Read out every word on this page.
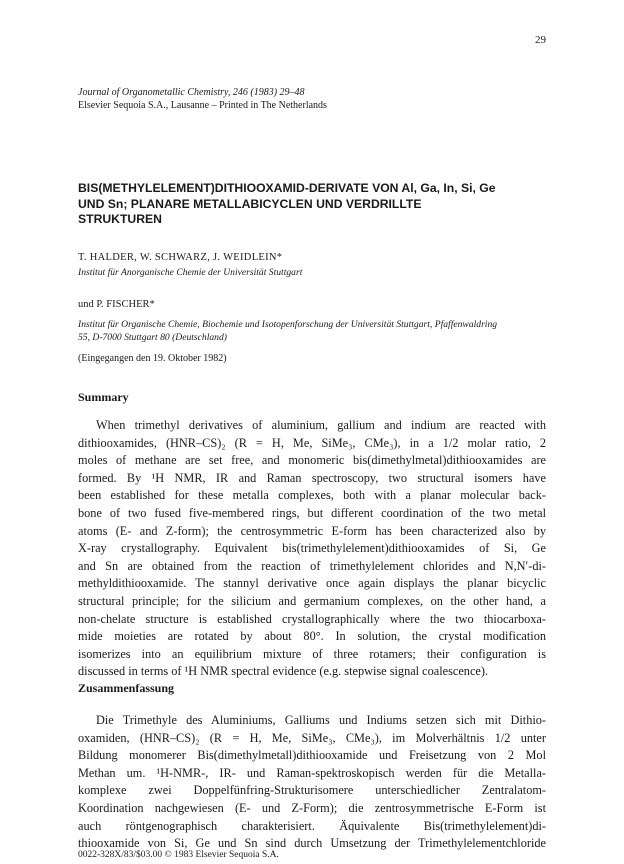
29
Journal of Organometallic Chemistry, 246 (1983) 29–48
Elsevier Sequoia S.A., Lausanne – Printed in The Netherlands
BIS(METHYLELEMENT)DITHIOOXAMID-DERIVATE VON Al, Ga, In, Si, Ge
UND Sn; PLANARE METALLABICYCLEN UND VERDRILLTE
STRUKTUREN
T. HALDER, W. SCHWARZ, J. WEIDLEIN*
Institut für Anorganische Chemie der Universität Stuttgart
und P. FISCHER*
Institut für Organische Chemie, Biochemie und Isotopenforschung der Universität Stuttgart, Pfaffenwaldring
55, D-7000 Stuttgart 80 (Deutschland)
(Eingegangen den 19. Oktober 1982)
Summary
When trimethyl derivatives of aluminium, gallium and indium are reacted with
dithiooxamides, (HNR–CS)₂ (R = H, Me, SiMe₃, CMe₃), in a 1/2 molar ratio, 2
moles of methane are set free, and monomeric bis(dimethylmetal)dithiooxamides are
formed. By ¹H NMR, IR and Raman spectroscopy, two structural isomers have
been established for these metalla complexes, both with a planar molecular back-
bone of two fused five-membered rings, but different coordination of the two metal
atoms (E- and Z-form); the centrosymmetric E-form has been characterized also by
X-ray crystallography. Equivalent bis(trimethylelement)dithiooxamides of Si, Ge
and Sn are obtained from the reaction of trimethylelement chlorides and N,N′-di-
methyldithiooxamide. The stannyl derivative once again displays the planar bicyclic
structural principle; for the silicium and germanium complexes, on the other hand, a
non-chelate structure is established crystallographically where the two thiocarboxa-
mide moieties are rotated by about 80°. In solution, the crystal modification
isomerizes into an equilibrium mixture of three rotamers; their configuration is
discussed in terms of ¹H NMR spectral evidence (e.g. stepwise signal coalescence).
Zusammenfassung
Die Trimethyle des Aluminiums, Galliums und Indiums setzen sich mit Dithio-
oxamiden, (HNR–CS)₂ (R = H, Me, SiMe₃, CMe₃), im Molverhältnis 1/2 unter
Bildung monomerer Bis(dimethylmetall)dithiooxamide und Freisetzung von 2 Mol
Methan um. ¹H-NMR-, IR- und Raman-spektroskopisch werden für die Metalla-
komplexe zwei Doppelfünfring-Strukturisomere unterschiedlicher Zentralatom-
Koordination nachgewiesen (E- und Z-Form); die zentrosymmetrische E-Form ist
auch röntgenographisch charakterisiert. Äquivalente Bis(trimethylelement)di-
thiooxamide von Si, Ge und Sn sind durch Umsetzung der Trimethylelementchloride
0022-328X/83/$03.00 © 1983 Elsevier Sequoia S.A.
